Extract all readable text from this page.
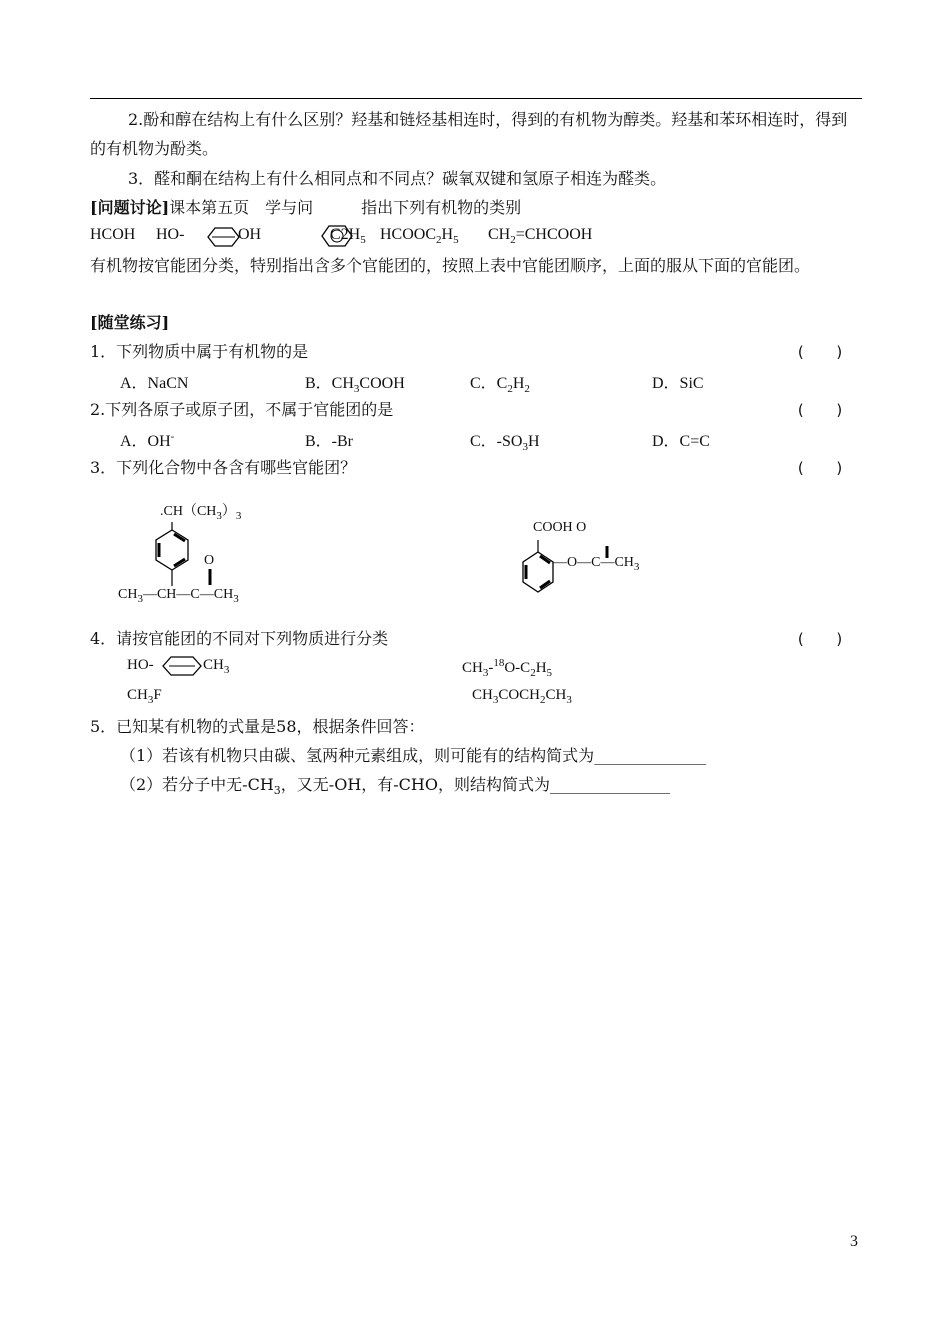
2.酚和醇在结构上有什么区别？羟基和链烃基相连时，得到的有机物为醇类。羟基和苯环相连时，得到的有机物为酚类。
3．醛和酮在结构上有什么相同点和不同点？碳氧双键和氢原子相连为醛类。
[问题讨论]课本第五页　学与问　　　指出下列有机物的类别
HCOH HO-	OH	$C2H_5$ $HCOOC_2H_5$ $CH_2=CHCOOH$
有机物按官能团分类，特别指出含多个官能团的，按照上表中官能团顺序，上面的服从下面的官能团。
[随堂练习]
1．下列物质中属于有机物的是	(　　)
A．NaCN	B．$CH_3COOH$	C．$C_2H_2$	D．SiC
2.下列各原子或原子团，不属于官能团的是	(　　)
A．OH-	B．-Br	C．$-SO_3H$	D．C=C
3．下列化合物中各含有哪些官能团？	(　　)
$.CH(CH_3)_3$
O
$CH_3—CH—C—CH_3$
COOH O
$—O—C—CH_3$
4．请按官能团的不同对下列物质进行分类	(　　)
HO-	$CH_3$	$CH_3-^{18}O-C_2H_5$
$CH_3F$	$CH_3COCH_2CH_3$
5．已知某有机物的式量是58，根据条件回答：
（1）若该有机物只由碳、氢两种元素组成，则可能有的结构简式为______________
（2）若分子中无$-CH_3$，又无-OH，有-CHO，则结构简式为_______________
3
